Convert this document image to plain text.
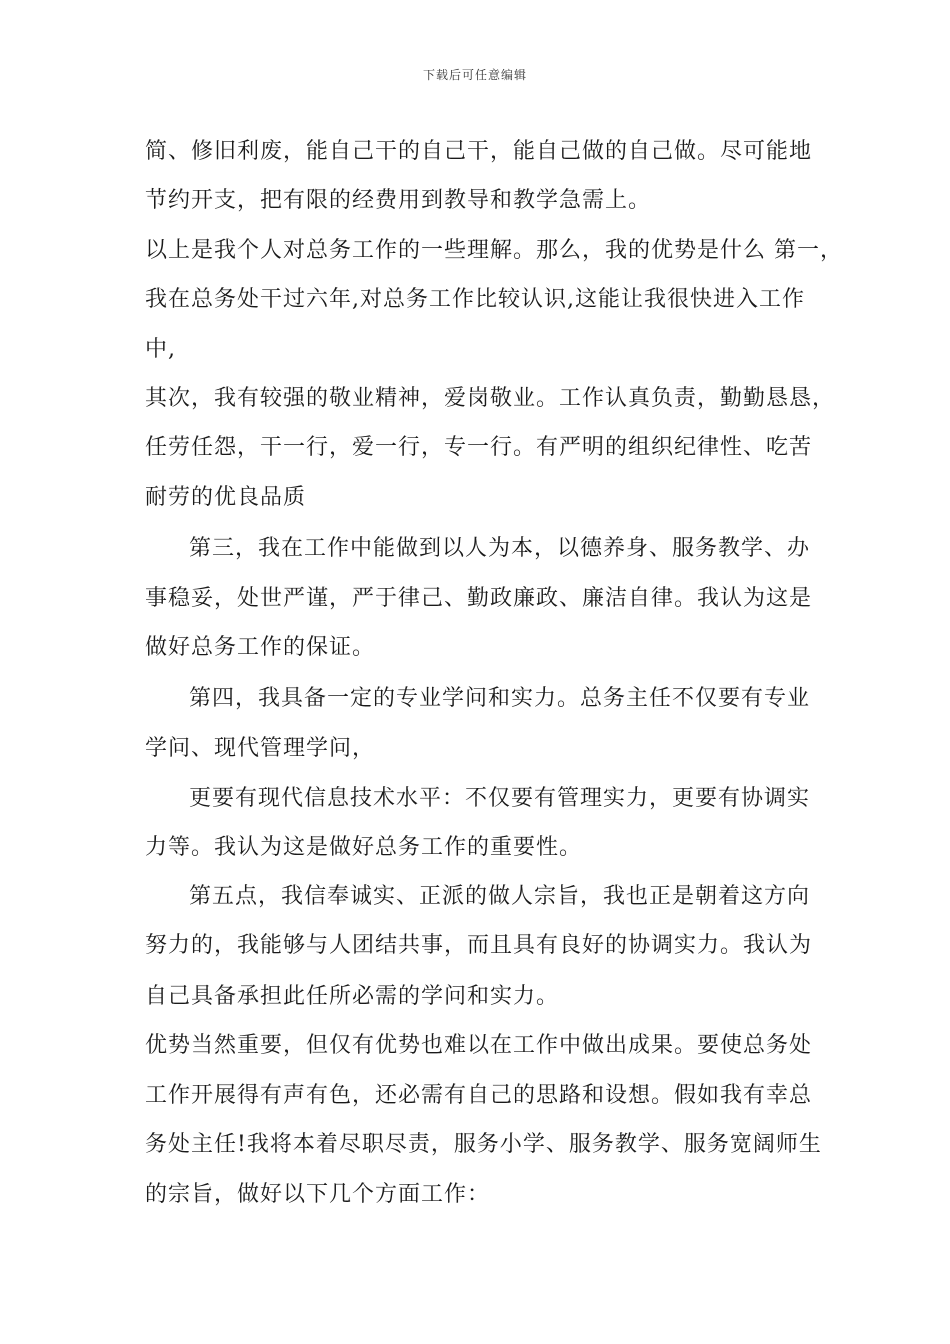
下载后可任意编辑
简、修旧利废，能自己干的自己干，能自己做的自己做。尽可能地
节约开支，把有限的经费用到教导和教学急需上。
以上是我个人对总务工作的一些理解。那么，我的优势是什么 第一，
我在总务处干过六年,对总务工作比较认识,这能让我很快进入工作
中,
其次，我有较强的敬业精神，爱岗敬业。工作认真负责，勤勤恳恳，
任劳任怨，干一行，爱一行，专一行。有严明的组织纪律性、吃苦
耐劳的优良品质
第三，我在工作中能做到以人为本，以德养身、服务教学、办
事稳妥，处世严谨，严于律己、勤政廉政、廉洁自律。我认为这是
做好总务工作的保证。
第四，我具备一定的专业学问和实力。总务主任不仅要有专业
学问、现代管理学问，
更要有现代信息技术水平：不仅要有管理实力，更要有协调实
力等。我认为这是做好总务工作的重要性。
第五点，我信奉诚实、正派的做人宗旨，我也正是朝着这方向
努力的，我能够与人团结共事，而且具有良好的协调实力。我认为
自己具备承担此任所必需的学问和实力。
优势当然重要，但仅有优势也难以在工作中做出成果。要使总务处
工作开展得有声有色，还必需有自己的思路和设想。假如我有幸总
务处主任!我将本着尽职尽责，服务小学、服务教学、服务宽阔师生
的宗旨，做好以下几个方面工作：
